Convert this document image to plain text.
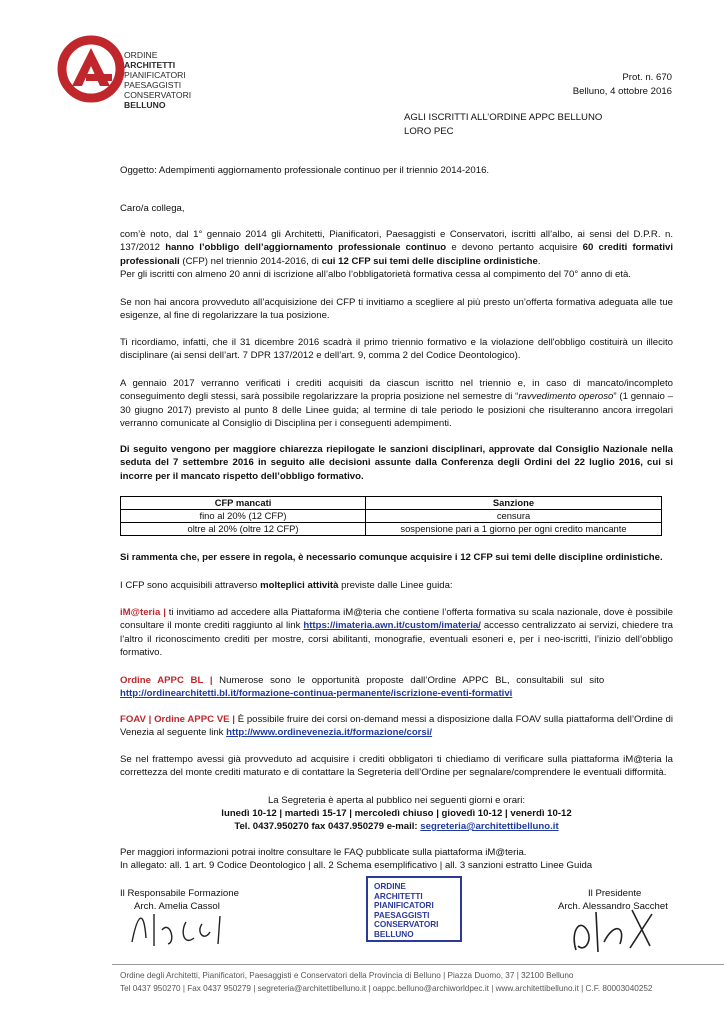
ORDINE
ARCHITETTI
PIANIFICATORI
PAESAGGISTI
CONSERVATORI
BELLUNO
Prot. n. 670
Belluno, 4 ottobre 2016
AGLI ISCRITTI ALL’ORDINE APPC BELLUNO
LORO PEC
Oggetto: Adempimenti aggiornamento professionale continuo per il triennio 2014-2016.
Caro/a collega,
com’è noto, dal 1° gennaio 2014 gli Architetti, Pianificatori, Paesaggisti e Conservatori, iscritti all’albo, ai sensi del D.P.R. n. 137/2012 hanno l’obbligo dell’aggiornamento professionale continuo e devono pertanto acquisire 60 crediti formativi professionali (CFP) nel triennio 2014-2016, di cui 12 CFP sui temi delle discipline ordinistiche.
Per gli iscritti con almeno 20 anni di iscrizione all’albo l’obbligatorietà formativa cessa al compimento del 70° anno di età.
Se non hai ancora provveduto all’acquisizione dei CFP ti invitiamo a scegliere al più presto un’offerta formativa adeguata alle tue esigenze, al fine di regolarizzare la tua posizione.
Ti ricordiamo, infatti, che il 31 dicembre 2016 scadrà il primo triennio formativo e la violazione dell'obbligo costituirà un illecito disciplinare (ai sensi dell’art. 7 DPR 137/2012 e dell’art. 9, comma 2 del Codice Deontologico).
A gennaio 2017 verranno verificati i crediti acquisiti da ciascun iscritto nel triennio e, in caso di mancato/incompleto conseguimento degli stessi, sarà possibile regolarizzare la propria posizione nel semestre di “ravvedimento operoso” (1 gennaio – 30 giugno 2017) previsto al punto 8 delle Linee guida; al termine di tale periodo le posizioni che risulteranno ancora irregolari verranno comunicate al Consiglio di Disciplina per i conseguenti adempimenti.
Di seguito vengono per maggiore chiarezza riepilogate le sanzioni disciplinari, approvate dal Consiglio Nazionale nella seduta del 7 settembre 2016 in seguito alle decisioni assunte dalla Conferenza degli Ordini del 22 luglio 2016, cui si incorre per il mancato rispetto dell’obbligo formativo.
CFP mancati	Sanzione
fino al 20% (12 CFP)	censura
oltre al 20% (oltre 12 CFP)	sospensione pari a 1 giorno per ogni credito mancante
Si rammenta che, per essere in regola, è necessario comunque acquisire i 12 CFP sui temi delle discipline ordinistiche.
I CFP sono acquisibili attraverso molteplici attività previste dalle Linee guida:
iM@teria | ti invitiamo ad accedere alla Piattaforma iM@teria che contiene l’offerta formativa su scala nazionale, dove è possibile consultare il monte crediti raggiunto al link https://imateria.awn.it/custom/imateria/ accesso centralizzato ai servizi, chiedere tra l’altro il riconoscimento crediti per mostre, corsi abilitanti, monografie, eventuali esoneri e, per i neo-iscritti, l’inizio dell’obbligo formativo.
Ordine APPC BL | Numerose sono le opportunità proposte dall’Ordine APPC BL, consultabili sul sito
http://ordinearchitetti.bl.it/formazione-continua-permanente/iscrizione-eventi-formativi
FOAV | Ordine APPC VE | È possibile fruire dei corsi on-demand messi a disposizione dalla FOAV sulla piattaforma dell’Ordine di Venezia al seguente link http://www.ordinevenezia.it/formazione/corsi/
Se nel frattempo avessi già provveduto ad acquisire i crediti obbligatori ti chiediamo di verificare sulla piattaforma iM@teria la correttezza del monte crediti maturato e di contattare la Segreteria dell’Ordine per segnalare/comprendere le eventuali difformità.
La Segreteria è aperta al pubblico nei seguenti giorni e orari:
lunedì 10-12 | martedì 15-17 | mercoledì chiuso | giovedì 10-12 | venerdì 10-12
Tel. 0437.950270 fax 0437.950279 e-mail: segreteria@architettibelluno.it
Per maggiori informazioni potrai inoltre consultare le FAQ pubblicate sulla piattaforma iM@teria.
In allegato: all. 1 art. 9 Codice Deontologico | all. 2 Schema esemplificativo | all. 3 sanzioni estratto Linee Guida
Il Responsabile Formazione
Arch. Amelia Cassol
ORDINE
ARCHITETTI
PIANIFICATORI
PAESAGGISTI
CONSERVATORI
BELLUNO
Il Presidente
Arch. Alessandro Sacchet
Ordine degli Architetti, Pianificatori, Paesaggisti e Conservatori della Provincia di Belluno | Piazza Duomo, 37 | 32100 Belluno
Tel 0437 950270 | Fax 0437 950279 | segreteria@architettibelluno.it | oappc.belluno@archiworldpec.it | www.architettibelluno.it | C.F. 80003040252
